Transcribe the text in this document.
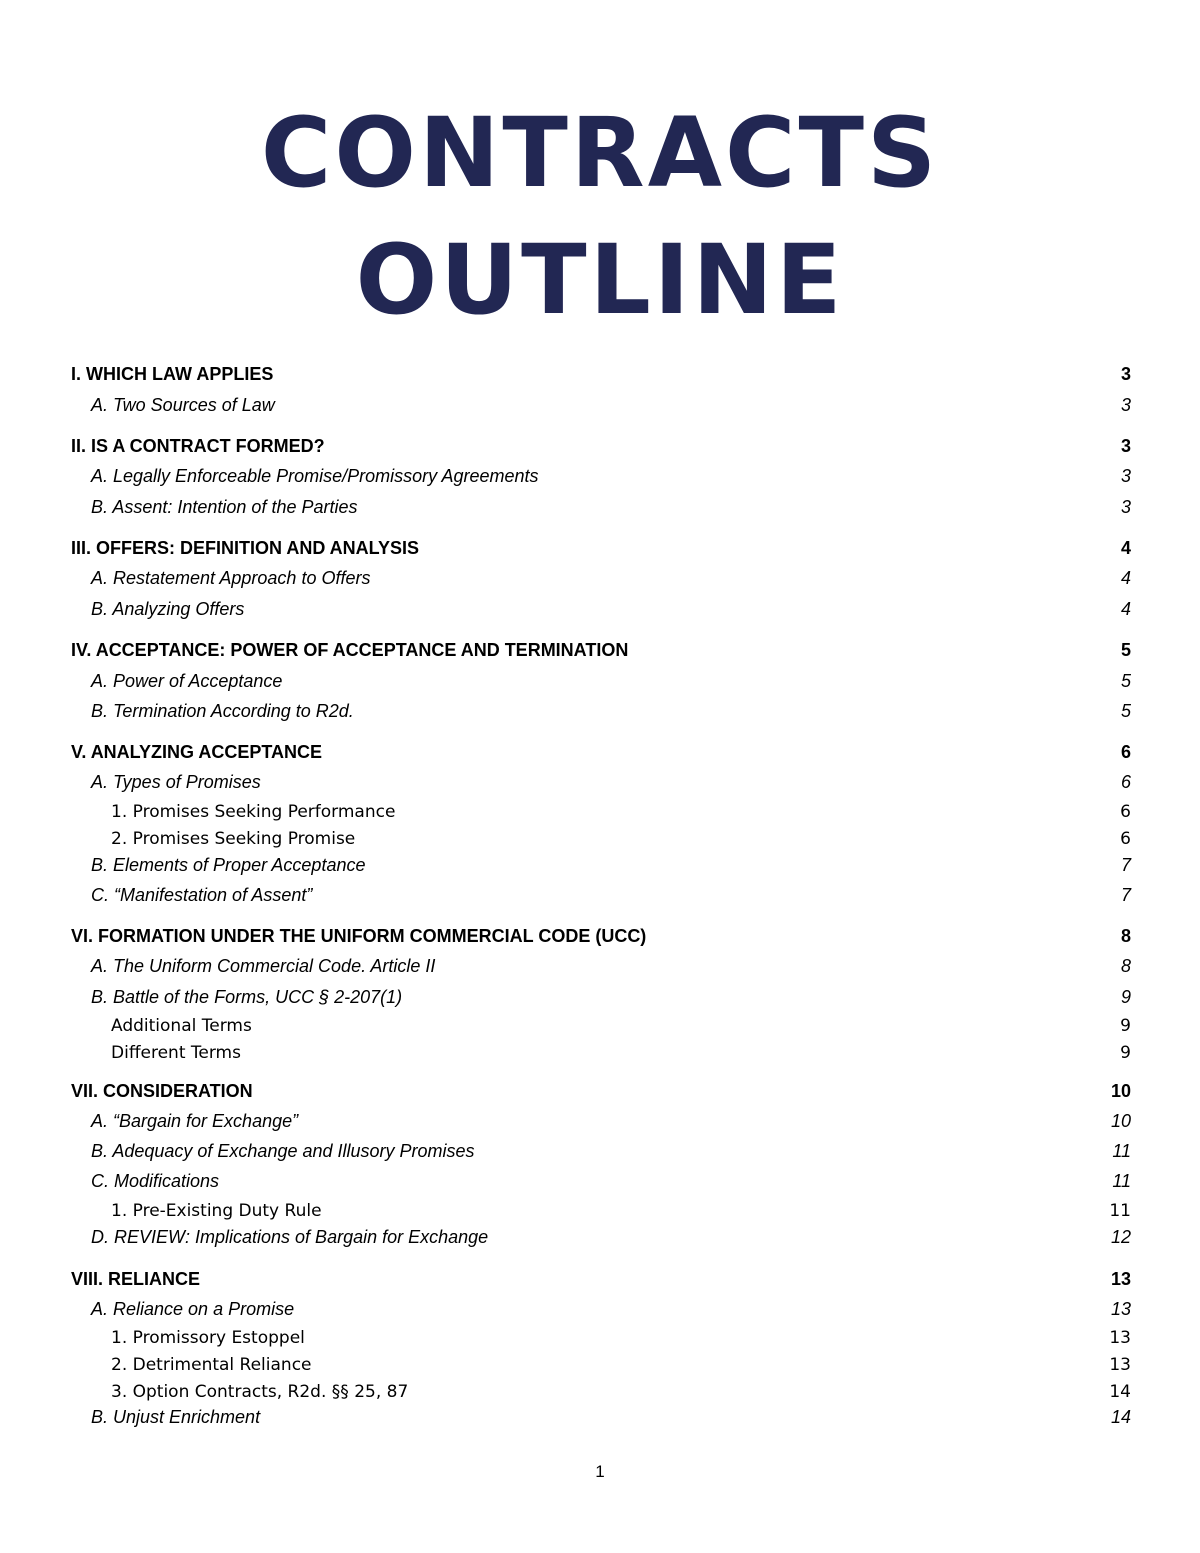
CONTRACTS
OUTLINE
I. WHICH LAW APPLIES	3
A. Two Sources of Law	3
II. IS A CONTRACT FORMED?	3
A. Legally Enforceable Promise/Promissory Agreements	3
B. Assent: Intention of the Parties	3
III. OFFERS: DEFINITION AND ANALYSIS	4
A. Restatement Approach to Offers	4
B. Analyzing Offers	4
IV. ACCEPTANCE: POWER OF ACCEPTANCE AND TERMINATION	5
A. Power of Acceptance	5
B. Termination According to R2d.	5
V. ANALYZING ACCEPTANCE	6
A. Types of Promises	6
1. Promises Seeking Performance	6
2. Promises Seeking Promise	6
B. Elements of Proper Acceptance	7
C. “Manifestation of Assent”	7
VI. FORMATION UNDER THE UNIFORM COMMERCIAL CODE (UCC)	8
A. The Uniform Commercial Code. Article II	8
B. Battle of the Forms, UCC § 2-207(1)	9
Additional Terms	9
Different Terms	9
VII. CONSIDERATION	10
A. “Bargain for Exchange”	10
B. Adequacy of Exchange and Illusory Promises	11
C. Modifications	11
1. Pre-Existing Duty Rule	11
D. REVIEW: Implications of Bargain for Exchange	12
VIII. RELIANCE	13
A. Reliance on a Promise	13
1. Promissory Estoppel	13
2. Detrimental Reliance	13
3. Option Contracts, R2d. §§ 25, 87	14
B. Unjust Enrichment	14
1
